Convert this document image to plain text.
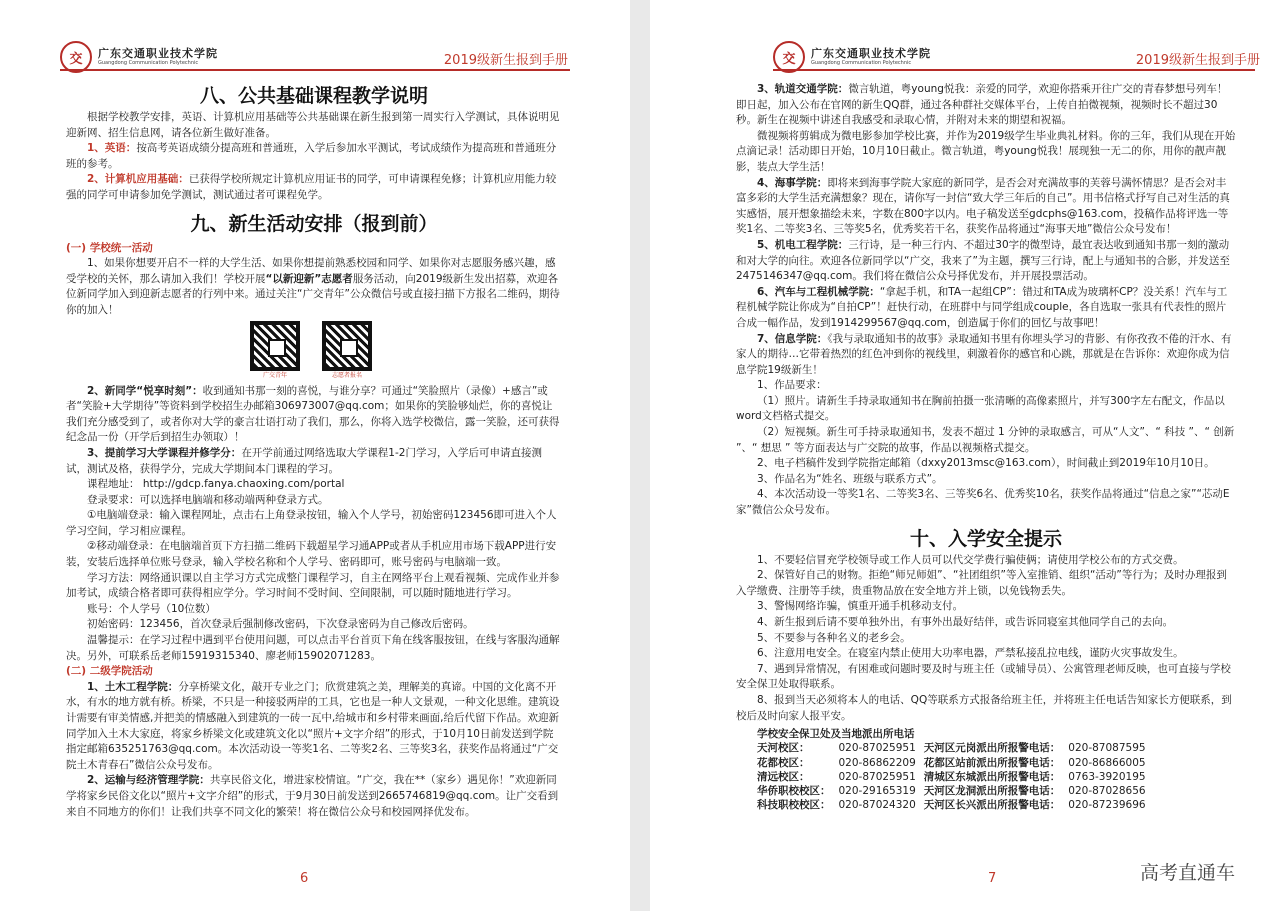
交	广东交通职业技术学院
Guangdong Communication Polytechnic	2019级新生报到手册
八、公共基础课程教学说明

根据学校教学安排，英语、计算机应用基础等公共基础课在新生报到第一周实行入学测试，具体说明见迎新网、招生信息网，请各位新生做好准备。

1、英语：按高考英语成绩分提高班和普通班，入学后参加水平测试，考试成绩作为提高班和普通班分班的参考。

2、计算机应用基础：已获得学校所规定计算机应用证书的同学，可申请课程免修；计算机应用能力较强的同学可申请参加免学测试，测试通过者可课程免学。

九、新生活动安排（报到前）

(一) 学校统一活动

1、如果你想要开启不一样的大学生活、如果你想提前熟悉校园和同学、如果你对志愿服务感兴趣，感受学校的关怀，那么请加入我们！学校开展“以新迎新”志愿者服务活动，向2019级新生发出招募，欢迎各位新同学加入到迎新志愿者的行列中来。通过关注“广交青年”公众微信号或直接扫描下方报名二维码，期待你的加入！

广交青年	志愿者报名

2、新同学“悦享时刻”：收到通知书那一刻的喜悦，与谁分享？可通过“笑脸照片（录像）+感言”或者“笑脸+大学期待”等资料到学校招生办邮箱306973007@qq.com；如果你的笑脸够灿烂，你的喜悦让我们充分感受到了，或者你对大学的豪言壮语打动了我们，那么，你将入选学校微信，露一笑脸，还可获得纪念品一份（开学后到招生办领取）！

3、提前学习大学课程并修学分：在开学前通过网络选取大学课程1-2门学习，入学后可申请直接测试，测试及格，获得学分，完成大学期间本门课程的学习。

课程地址： http://gdcp.fanya.chaoxing.com/portal

登录要求：可以选择电脑端和移动端两种登录方式。

①电脑端登录：输入课程网址，点击右上角登录按钮，输入个人学号，初始密码123456即可进入个人学习空间，学习相应课程。

②移动端登录：在电脑端首页下方扫描二维码下载超星学习通APP或者从手机应用市场下载APP进行安装，安装后选择单位账号登录，输入学校名称和个人学号、密码即可，账号密码与电脑端一致。

学习方法：网络通识课以自主学习方式完成整门课程学习，自主在网络平台上观看视频、完成作业并参加考试，成绩合格者即可获得相应学分。学习时间不受时间、空间限制，可以随时随地进行学习。

账号：个人学号（10位数）

初始密码：123456，首次登录后强制修改密码，下次登录密码为自己修改后密码。

温馨提示：在学习过程中遇到平台使用问题，可以点击平台首页下角在线客服按钮，在线与客服沟通解决。另外，可联系岳老师15919315340、廖老师15902071283。

(二) 二级学院活动

1、土木工程学院：分享桥梁文化，敲开专业之门；欣赏建筑之美，理解美的真谛。中国的文化离不开水，有水的地方就有桥。桥梁，不只是一种接驳两岸的工具，它也是一种人文景观，一种文化思维。建筑设计需要有审美情感,并把美的情感融入到建筑的一砖一瓦中,给城市和乡村带来画面,给后代留下作品。欢迎新同学加入土木大家庭，将家乡桥梁文化或建筑文化以“照片+文字介绍”的形式，于10月10日前发送到学院指定邮箱635251763@qq.com。本次活动设一等奖1名、二等奖2名、三等奖3名，获奖作品将通过“广交院土木青春石”微信公众号发布。

2、运输与经济管理学院：共享民俗文化，增进家校情谊。“广交，我在**（家乡）遇见你！”欢迎新同学将家乡民俗文化以“照片+文字介绍”的形式，于9月30日前发送到2665746819@qq.com。让广交看到来自不同地方的你们！让我们共享不同文化的繁荣！将在微信公众号和校园网择优发布。

6
交	广东交通职业技术学院
Guangdong Communication Polytechnic	2019级新生报到手册

3、轨道交通学院：微言轨道，粤young悦我：亲爱的同学，欢迎你搭乘开往广交的青春梦想号列车！即日起，加入公布在官网的新生QQ群，通过各种群社交媒体平台，上传自拍微视频，视频时长不超过30秒。新生在视频中讲述自我感受和录取心情，并附对未来的期望和祝福。

微视频将剪辑成为微电影参加学校比赛，并作为2019级学生毕业典礼材料。你的三年，我们从现在开始点滴记录！活动即日开始，10月10日截止。微言轨道，粤young悦我！展现独一无二的你，用你的靓声靓影，装点大学生活！

4、海事学院：即将来到海事学院大家庭的新同学，是否会对充满故事的芙蓉号满怀情思？是否会对丰富多彩的大学生活充满想象？现在，请你写一封信“致大学三年后的自己”。用书信格式抒写自己对生活的真实感悟，展开想象描绘未来，字数在800字以内。电子稿发送至gdcphs@163.com，投稿作品将评选一等奖1名、二等奖3名、三等奖5名，优秀奖若干名，获奖作品将通过“海事天地”微信公众号发布！

5、机电工程学院：三行诗，是一种三行内、不超过30字的微型诗，最宜表达收到通知书那一刻的激动和对大学的向往。欢迎各位新同学以“广交，我来了”为主题，撰写三行诗，配上与通知书的合影，并发送至2475146347@qq.com。我们将在微信公众号择优发布，并开展投票活动。

6、汽车与工程机械学院：“拿起手机，和TA一起组CP”：错过和TA成为玻璃杯CP？没关系！汽车与工程机械学院让你成为“自拍CP”！赶快行动，在班群中与同学组成couple，各自选取一张具有代表性的照片合成一幅作品，发到1914299567@qq.com，创造属于你们的回忆与故事吧！

7、信息学院：《我与录取通知书的故事》录取通知书里有你埋头学习的背影、有你孜孜不倦的汗水、有家人的期待…它带着热烈的红色冲到你的视线里，刺激着你的感官和心跳，那就是在告诉你：欢迎你成为信息学院19级新生！

1、作品要求：

（1）照片。请新生手持录取通知书在胸前拍摄一张清晰的高像素照片，并写300字左右配文，作品以word文档格式提交。

（2）短视频。新生可手持录取通知书，发表不超过 1 分钟的录取感言，可从“人文”、“ 科技 ”、“ 创新 ”、“ 想思 ” 等方面表达与广交院的故事，作品以视频格式提交。

2、电子档稿件发到学院指定邮箱（dxxy2013msc@163.com），时间截止到2019年10月10日。

3、作品名为“姓名、班级与联系方式”。

4、本次活动设一等奖1名、二等奖3名、三等奖6名、优秀奖10名，获奖作品将通过“信息之家”“芯动E家”微信公众号发布。

十、入学安全提示

1、不要轻信冒充学校领导或工作人员可以代交学费行骗使俩；请使用学校公布的方式交费。

2、保管好自己的财物。拒绝“师兄师姐”、“社团组织”等入室推销、组织“活动”等行为；及时办理报到入学缴费、注册等手续，贵重物品放在安全地方并上锁，以免钱物丢失。

3、警惕网络诈骗，慎重开通手机移动支付。

4、新生报到后请不要单独外出，有事外出最好结伴，或告诉同寝室其他同学自己的去向。

5、不要参与各种名义的老乡会。

6、注意用电安全。在寝室内禁止使用大功率电器，严禁私接乱拉电线，谨防火灾事故发生。

7、遇到异常情况，有困难或问题时要及时与班主任（或辅导员）、公寓管理老师反映，也可直接与学校安全保卫处取得联系。

8、报到当天必须将本人的电话、QQ等联系方式报备给班主任，并将班主任电话告知家长方便联系，到校后及时向家人报平安。

学校安全保卫处及当地派出所电话
天河校区：	020-87025951	天河区元岗派出所报警电话：	020-87087595
花都校区：	020-86862209	花都区站前派出所报警电话：	020-86866005
清远校区：	020-87025951	清城区东城派出所报警电话：	0763-3920195
华侨职校校区：	020-29165319	天河区龙洞派出所报警电话：	020-87028656
科技职校校区：	020-87024320	天河区长兴派出所报警电话：	020-87239696
7	高考直通车
